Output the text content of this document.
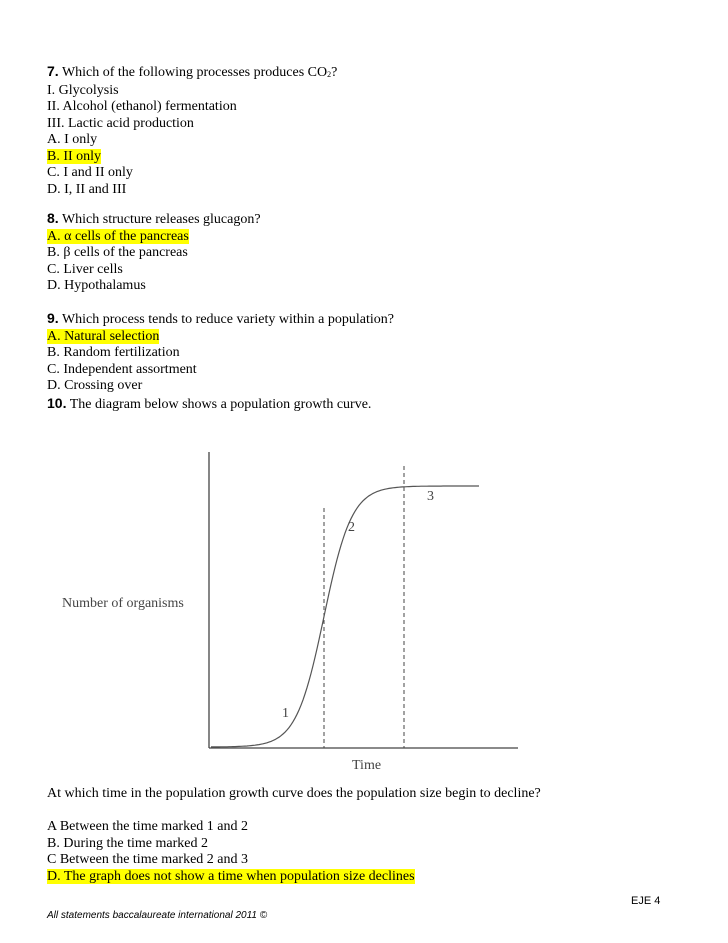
7. Which of the following processes produces $CO_2$?
I. Glycolysis
II. Alcohol (ethanol) fermentation
III. Lactic acid production
A. I only
B. II only
C. I and II only
D. I, II and III
8. Which structure releases glucagon?
A. α cells of the pancreas
B. β cells of the pancreas
C. Liver cells
D. Hypothalamus
9. Which process tends to reduce variety within a population?
A. Natural selection
B. Random fertilization
C. Independent assortment
D. Crossing over
10. The diagram below shows a population growth curve.
Number of organisms
Time
1
2
3
At which time in the population growth curve does the population size begin to decline?
A Between the time marked 1 and 2
B. During the time marked 2
C Between the time marked 2 and 3
D. The graph does not show a time when population size declines
EJE 4
All statements baccalaureate international 2011 ©
